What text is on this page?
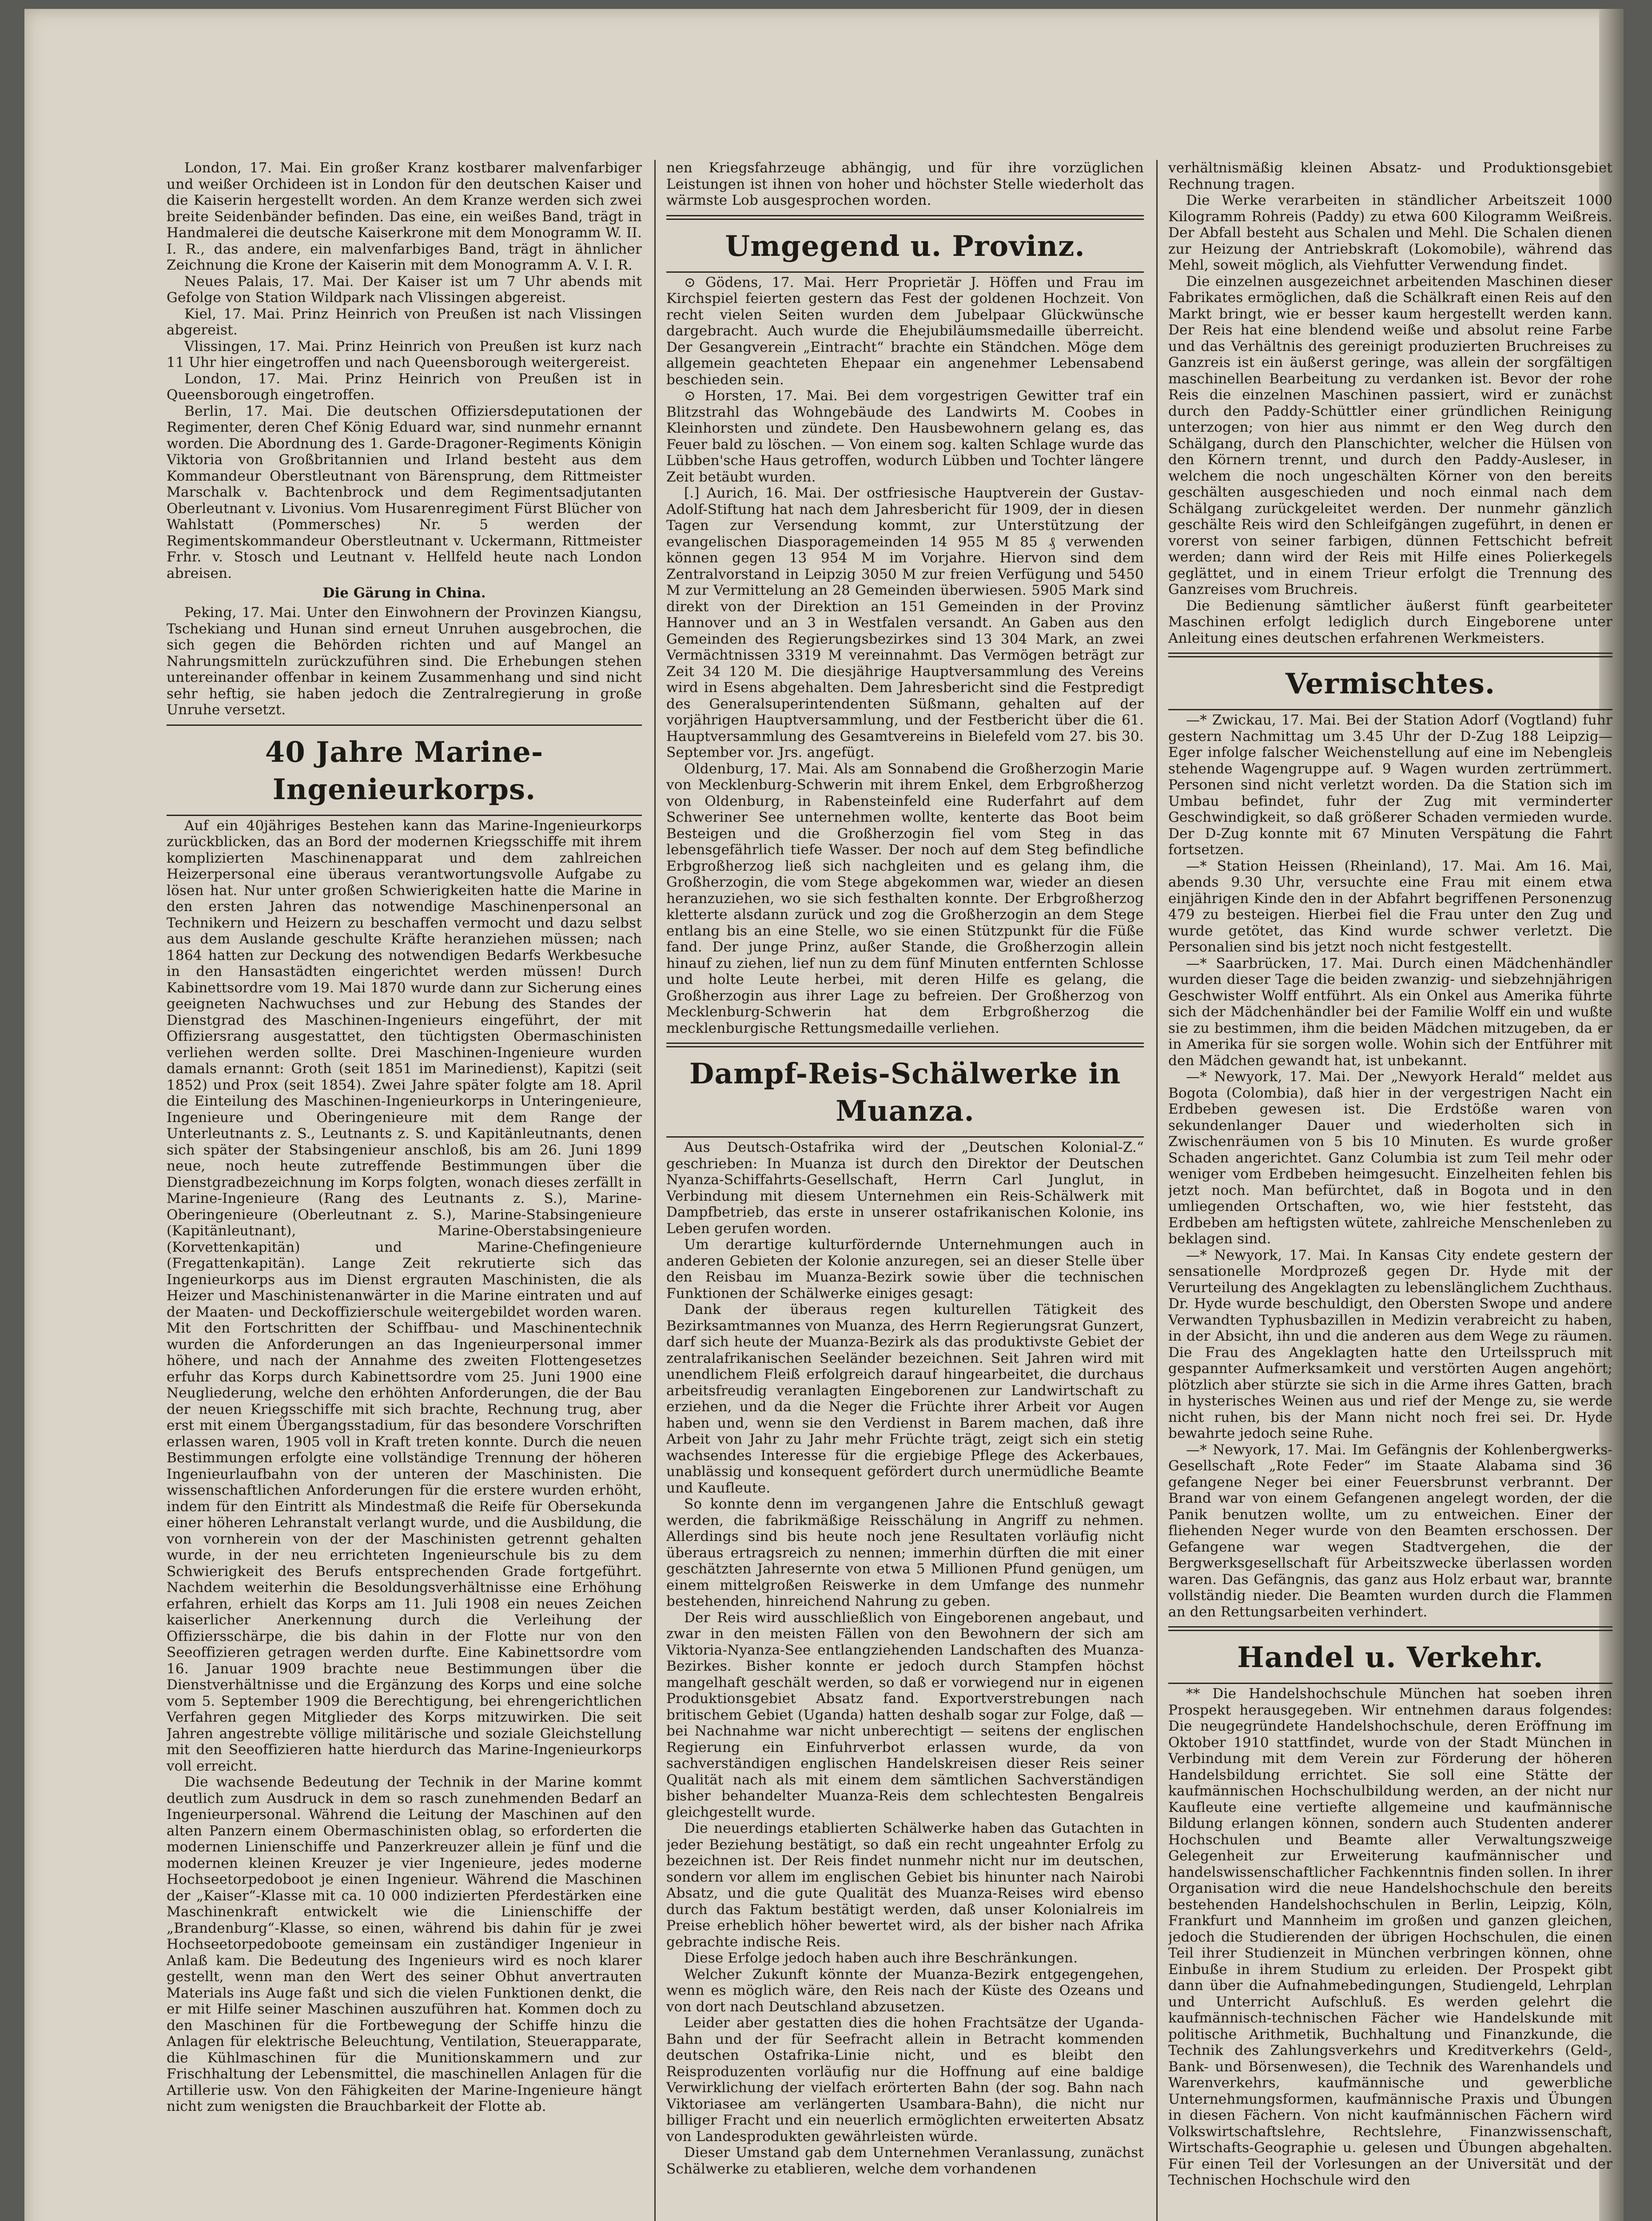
London, 17. Mai. Ein großer Kranz kostbarer malvenfarbiger und weißer Orchideen ist in London für den deutschen Kaiser und die Kaiserin hergestellt worden. An dem Kranze werden sich zwei breite Seidenbänder befinden. Das eine, ein weißes Band, trägt in Handmalerei die deutsche Kaiserkrone mit dem Monogramm W. II. I. R., das andere, ein malvenfarbiges Band, trägt in ähnlicher Zeichnung die Krone der Kaiserin mit dem Monogramm A. V. I. R.

Neues Palais, 17. Mai. Der Kaiser ist um 7 Uhr abends mit Gefolge von Station Wildpark nach Vlissingen abgereist.

Kiel, 17. Mai. Prinz Heinrich von Preußen ist nach Vlissingen abgereist.

Vlissingen, 17. Mai. Prinz Heinrich von Preußen ist kurz nach 11 Uhr hier eingetroffen und nach Queensborough weitergereist.

London, 17. Mai. Prinz Heinrich von Preußen ist in Queensborough eingetroffen.

Berlin, 17. Mai. Die deutschen Offiziersdeputationen der Regimenter, deren Chef König Eduard war, sind nunmehr ernannt worden. Die Abordnung des 1. Garde-Dragoner-Regiments Königin Viktoria von Großbritannien und Irland besteht aus dem Kommandeur Oberstleutnant von Bärensprung, dem Rittmeister Marschalk v. Bachtenbrock und dem Regimentsadjutanten Oberleutnant v. Livonius. Vom Husarenregiment Fürst Blücher von Wahlstatt (Pommersches) Nr. 5 werden der Regimentskommandeur Oberstleutnant v. Uckermann, Rittmeister Frhr. v. Stosch und Leutnant v. Hellfeld heute nach London abreisen.

Die Gärung in China.

Peking, 17. Mai. Unter den Einwohnern der Provinzen Kiangsu, Tschekiang und Hunan sind erneut Unruhen ausgebrochen, die sich gegen die Behörden richten und auf Mangel an Nahrungsmitteln zurückzuführen sind. Die Erhebungen stehen untereinander offenbar in keinem Zusammenhang und sind nicht sehr heftig, sie haben jedoch die Zentralregierung in große Unruhe versetzt.

40 Jahre Marine-Ingenieurkorps.

Auf ein 40jähriges Bestehen kann das Marine-Ingenieurkorps zurückblicken, das an Bord der modernen Kriegsschiffe mit ihrem komplizierten Maschinenapparat und dem zahlreichen Heizerpersonal eine überaus verantwortungsvolle Aufgabe zu lösen hat. Nur unter großen Schwierigkeiten hatte die Marine in den ersten Jahren das notwendige Maschinenpersonal an Technikern und Heizern zu beschaffen vermocht und dazu selbst aus dem Auslande geschulte Kräfte heranziehen müssen; nach 1864 hatten zur Deckung des notwendigen Bedarfs Werkbesuche in den Hansastädten eingerichtet werden müssen! Durch Kabinettsordre vom 19. Mai 1870 wurde dann zur Sicherung eines geeigneten Nachwuchses und zur Hebung des Standes der Dienstgrad des Maschinen-Ingenieurs eingeführt, der mit Offiziersrang ausgestattet, den tüchtigsten Obermaschinisten verliehen werden sollte. Drei Maschinen-Ingenieure wurden damals ernannt: Groth (seit 1851 im Marinedienst), Kapitzi (seit 1852) und Prox (seit 1854). Zwei Jahre später folgte am 18. April die Einteilung des Maschinen-Ingenieurkorps in Unteringenieure, Ingenieure und Oberingenieure mit dem Range der Unterleutnants z. S., Leutnants z. S. und Kapitänleutnants, denen sich später der Stabsingenieur anschloß, bis am 26. Juni 1899 neue, noch heute zutreffende Bestimmungen über die Dienstgradbezeichnung im Korps folgten, wonach dieses zerfällt in Marine-Ingenieure (Rang des Leutnants z. S.), Marine-Oberingenieure (Oberleutnant z. S.), Marine-Stabsingenieure (Kapitänleutnant), Marine-Oberstabsingenieure (Korvettenkapitän) und Marine-Chefingenieure (Fregattenkapitän). Lange Zeit rekrutierte sich das Ingenieurkorps aus im Dienst ergrauten Maschinisten, die als Heizer und Maschinistenanwärter in die Marine eintraten und auf der Maaten- und Deckoffizierschule weitergebildet worden waren. Mit den Fortschritten der Schiffbau- und Maschinentechnik wurden die Anforderungen an das Ingenieurpersonal immer höhere, und nach der Annahme des zweiten Flottengesetzes erfuhr das Korps durch Kabinettsordre vom 25. Juni 1900 eine Neugliederung, welche den erhöhten Anforderungen, die der Bau der neuen Kriegsschiffe mit sich brachte, Rechnung trug, aber erst mit einem Übergangsstadium, für das besondere Vorschriften erlassen waren, 1905 voll in Kraft treten konnte. Durch die neuen Bestimmungen erfolgte eine vollständige Trennung der höheren Ingenieurlaufbahn von der unteren der Maschinisten. Die wissenschaftlichen Anforderungen für die erstere wurden erhöht, indem für den Eintritt als Mindestmaß die Reife für Obersekunda einer höheren Lehranstalt verlangt wurde, und die Ausbildung, die von vornherein von der der Maschinisten getrennt gehalten wurde, in der neu errichteten Ingenieurschule bis zu dem Schwierigkeit des Berufs entsprechenden Grade fortgeführt. Nachdem weiterhin die Besoldungsverhältnisse eine Erhöhung erfahren, erhielt das Korps am 11. Juli 1908 ein neues Zeichen kaiserlicher Anerkennung durch die Verleihung der Offiziersschärpe, die bis dahin in der Flotte nur von den Seeoffizieren getragen werden durfte. Eine Kabinettsordre vom 16. Januar 1909 brachte neue Bestimmungen über die Dienstverhältnisse und die Ergänzung des Korps und eine solche vom 5. September 1909 die Berechtigung, bei ehrengerichtlichen Verfahren gegen Mitglieder des Korps mitzuwirken. Die seit Jahren angestrebte völlige militärische und soziale Gleichstellung mit den Seeoffizieren hatte hierdurch das Marine-Ingenieurkorps voll erreicht.

Die wachsende Bedeutung der Technik in der Marine kommt deutlich zum Ausdruck in dem so rasch zunehmenden Bedarf an Ingenieurpersonal. Während die Leitung der Maschinen auf den alten Panzern einem Obermaschinisten oblag, so erforderten die modernen Linienschiffe und Panzerkreuzer allein je fünf und die modernen kleinen Kreuzer je vier Ingenieure, jedes moderne Hochseetorpedoboot je einen Ingenieur. Während die Maschinen der „Kaiser“-Klasse mit ca. 10 000 indizierten Pferdestärken eine Maschinenkraft entwickelt wie die Linienschiffe der „Brandenburg“-Klasse, so einen, während bis dahin für je zwei Hochseetorpedoboote gemeinsam ein zuständiger Ingenieur in Anlaß kam. Die Bedeutung des Ingenieurs wird es noch klarer gestellt, wenn man den Wert des seiner Obhut anvertrauten Materials ins Auge faßt und sich die vielen Funktionen denkt, die er mit Hilfe seiner Maschinen auszuführen hat. Kommen doch zu den Maschinen für die Fortbewegung der Schiffe hinzu die Anlagen für elektrische Beleuchtung, Ventilation, Steuerapparate, die Kühlmaschinen für die Munitionskammern und zur Frischhaltung der Lebensmittel, die maschinellen Anlagen für die Artillerie usw. Von den Fähigkeiten der Marine-Ingenieure hängt nicht zum wenigsten die Brauchbarkeit der Flotte ab.

nen Kriegsfahrzeuge abhängig, und für ihre vorzüglichen Leistungen ist ihnen von hoher und höchster Stelle wiederholt das wärmste Lob ausgesprochen worden.

Umgegend u. Provinz.

⊙ Gödens, 17. Mai. Herr Proprietär J. Höffen und Frau im Kirchspiel feierten gestern das Fest der goldenen Hochzeit. Von recht vielen Seiten wurden dem Jubelpaar Glückwünsche dargebracht. Auch wurde die Ehejubiläumsmedaille überreicht. Der Gesangverein „Eintracht“ brachte ein Ständchen. Möge dem allgemein geachteten Ehepaar ein angenehmer Lebensabend beschieden sein.

⊙ Horsten, 17. Mai. Bei dem vorgestrigen Gewitter traf ein Blitzstrahl das Wohngebäude des Landwirts M. Coobes in Kleinhorsten und zündete. Den Hausbewohnern gelang es, das Feuer bald zu löschen. — Von einem sog. kalten Schlage wurde das Lübben'sche Haus getroffen, wodurch Lübben und Tochter längere Zeit betäubt wurden.

[.] Aurich, 16. Mai. Der ostfriesische Hauptverein der Gustav-Adolf-Stiftung hat nach dem Jahresbericht für 1909, der in diesen Tagen zur Versendung kommt, zur Unterstützung der evangelischen Diasporagemeinden 14 955 M 85 ₰ verwenden können gegen 13 954 M im Vorjahre. Hiervon sind dem Zentralvorstand in Leipzig 3050 M zur freien Verfügung und 5450 M zur Vermittelung an 28 Gemeinden überwiesen. 5905 Mark sind direkt von der Direktion an 151 Gemeinden in der Provinz Hannover und an 3 in Westfalen versandt. An Gaben aus den Gemeinden des Regierungsbezirkes sind 13 304 Mark, an zwei Vermächtnissen 3319 M vereinnahmt. Das Vermögen beträgt zur Zeit 34 120 M. Die diesjährige Hauptversammlung des Vereins wird in Esens abgehalten. Dem Jahresbericht sind die Festpredigt des Generalsuperintendenten Süßmann, gehalten auf der vorjährigen Hauptversammlung, und der Festbericht über die 61. Hauptversammlung des Gesamtvereins in Bielefeld vom 27. bis 30. September vor. Jrs. angefügt.

Oldenburg, 17. Mai. Als am Sonnabend die Großherzogin Marie von Mecklenburg-Schwerin mit ihrem Enkel, dem Erbgroßherzog von Oldenburg, in Rabensteinfeld eine Ruderfahrt auf dem Schweriner See unternehmen wollte, kenterte das Boot beim Besteigen und die Großherzogin fiel vom Steg in das lebensgefährlich tiefe Wasser. Der noch auf dem Steg befindliche Erbgroßherzog ließ sich nachgleiten und es gelang ihm, die Großherzogin, die vom Stege abgekommen war, wieder an diesen heranzuziehen, wo sie sich festhalten konnte. Der Erbgroßherzog kletterte alsdann zurück und zog die Großherzogin an dem Stege entlang bis an eine Stelle, wo sie einen Stützpunkt für die Füße fand. Der junge Prinz, außer Stande, die Großherzogin allein hinauf zu ziehen, lief nun zu dem fünf Minuten entfernten Schlosse und holte Leute herbei, mit deren Hilfe es gelang, die Großherzogin aus ihrer Lage zu befreien. Der Großherzog von Mecklenburg-Schwerin hat dem Erbgroßherzog die mecklenburgische Rettungsmedaille verliehen.

Dampf-Reis-Schälwerke in Muanza.

Aus Deutsch-Ostafrika wird der „Deutschen Kolonial-Z.“ geschrieben: In Muanza ist durch den Direktor der Deutschen Nyanza-Schiffahrts-Gesellschaft, Herrn Carl Junglut, in Verbindung mit diesem Unternehmen ein Reis-Schälwerk mit Dampfbetrieb, das erste in unserer ostafrikanischen Kolonie, ins Leben gerufen worden.

Um derartige kulturfördernde Unternehmungen auch in anderen Gebieten der Kolonie anzuregen, sei an dieser Stelle über den Reisbau im Muanza-Bezirk sowie über die technischen Funktionen der Schälwerke einiges gesagt:

Dank der überaus regen kulturellen Tätigkeit des Bezirksamtmannes von Muanza, des Herrn Regierungsrat Gunzert, darf sich heute der Muanza-Bezirk als das produktivste Gebiet der zentralafrikanischen Seeländer bezeichnen. Seit Jahren wird mit unendlichem Fleiß erfolgreich darauf hingearbeitet, die durchaus arbeitsfreudig veranlagten Eingeborenen zur Landwirtschaft zu erziehen, und da die Neger die Früchte ihrer Arbeit vor Augen haben und, wenn sie den Verdienst in Barem machen, daß ihre Arbeit von Jahr zu Jahr mehr Früchte trägt, zeigt sich ein stetig wachsendes Interesse für die ergiebige Pflege des Ackerbaues, unablässig und konsequent gefördert durch unermüdliche Beamte und Kaufleute.

So konnte denn im vergangenen Jahre die Entschluß gewagt werden, die fabrikmäßige Reisschälung in Angriff zu nehmen. Allerdings sind bis heute noch jene Resultaten vorläufig nicht überaus ertragsreich zu nennen; immerhin dürften die mit einer geschätzten Jahresernte von etwa 5 Millionen Pfund genügen, um einem mittelgroßen Reiswerke in dem Umfange des nunmehr bestehenden, hinreichend Nahrung zu geben.

Der Reis wird ausschließlich von Eingeborenen angebaut, und zwar in den meisten Fällen von den Bewohnern der sich am Viktoria-Nyanza-See entlangziehenden Landschaften des Muanza-Bezirkes. Bisher konnte er jedoch durch Stampfen höchst mangelhaft geschält werden, so daß er vorwiegend nur in eigenen Produktionsgebiet Absatz fand. Exportverstrebungen nach britischem Gebiet (Uganda) hatten deshalb sogar zur Folge, daß — bei Nachnahme war nicht unberechtigt — seitens der englischen Regierung ein Einfuhrverbot erlassen wurde, da von sachverständigen englischen Handelskreisen dieser Reis seiner Qualität nach als mit einem dem sämtlichen Sachverständigen bisher behandelter Muanza-Reis dem schlechtesten Bengalreis gleichgestellt wurde.

Die neuerdings etablierten Schälwerke haben das Gutachten in jeder Beziehung bestätigt, so daß ein recht ungeahnter Erfolg zu bezeichnen ist. Der Reis findet nunmehr nicht nur im deutschen, sondern vor allem im englischen Gebiet bis hinunter nach Nairobi Absatz, und die gute Qualität des Muanza-Reises wird ebenso durch das Faktum bestätigt werden, daß unser Kolonialreis im Preise erheblich höher bewertet wird, als der bisher nach Afrika gebrachte indische Reis.

Diese Erfolge jedoch haben auch ihre Beschränkungen.

Welcher Zukunft könnte der Muanza-Bezirk entgegengehen, wenn es möglich wäre, den Reis nach der Küste des Ozeans und von dort nach Deutschland abzusetzen.

Leider aber gestatten dies die hohen Frachtsätze der Uganda-Bahn und der für Seefracht allein in Betracht kommenden deutschen Ostafrika-Linie nicht, und es bleibt den Reisproduzenten vorläufig nur die Hoffnung auf eine baldige Verwirklichung der vielfach erörterten Bahn (der sog. Bahn nach Viktoriasee am verlängerten Usambara-Bahn), die nicht nur billiger Fracht und ein neuerlich ermöglichten erweiterten Absatz von Landesprodukten gewährleisten würde.

Dieser Umstand gab dem Unternehmen Veranlassung, zunächst Schälwerke zu etablieren, welche dem vorhandenen

verhältnismäßig kleinen Absatz- und Produktionsgebiet Rechnung tragen.

Die Werke verarbeiten in ständlicher Arbeitszeit 1000 Kilogramm Rohreis (Paddy) zu etwa 600 Kilogramm Weißreis. Der Abfall besteht aus Schalen und Mehl. Die Schalen dienen zur Heizung der Antriebskraft (Lokomobile), während das Mehl, soweit möglich, als Viehfutter Verwendung findet.

Die einzelnen ausgezeichnet arbeitenden Maschinen dieser Fabrikates ermöglichen, daß die Schälkraft einen Reis auf den Markt bringt, wie er besser kaum hergestellt werden kann. Der Reis hat eine blendend weiße und absolut reine Farbe und das Verhältnis des gereinigt produzierten Bruchreises zu Ganzreis ist ein äußerst geringe, was allein der sorgfältigen maschinellen Bearbeitung zu verdanken ist. Bevor der rohe Reis die einzelnen Maschinen passiert, wird er zunächst durch den Paddy-Schüttler einer gründlichen Reinigung unterzogen; von hier aus nimmt er den Weg durch den Schälgang, durch den Planschichter, welcher die Hülsen von den Körnern trennt, und durch den Paddy-Ausleser, in welchem die noch ungeschälten Körner von den bereits geschälten ausgeschieden und noch einmal nach dem Schälgang zurückgeleitet werden. Der nunmehr gänzlich geschälte Reis wird den Schleifgängen zugeführt, in denen er vorerst von seiner farbigen, dünnen Fettschicht befreit werden; dann wird der Reis mit Hilfe eines Polierkegels geglättet, und in einem Trieur erfolgt die Trennung des Ganzreises vom Bruchreis.

Die Bedienung sämtlicher äußerst fünft gearbeiteter Maschinen erfolgt lediglich durch Eingeborene unter Anleitung eines deutschen erfahrenen Werkmeisters.

Vermischtes.

—* Zwickau, 17. Mai. Bei der Station Adorf (Vogtland) fuhr gestern Nachmittag um 3.45 Uhr der D-Zug 188 Leipzig—Eger infolge falscher Weichenstellung auf eine im Nebengleis stehende Wagengruppe auf. 9 Wagen wurden zertrümmert. Personen sind nicht verletzt worden. Da die Station sich im Umbau befindet, fuhr der Zug mit verminderter Geschwindigkeit, so daß größerer Schaden vermieden wurde. Der D-Zug konnte mit 67 Minuten Verspätung die Fahrt fortsetzen.

—* Station Heissen (Rheinland), 17. Mai. Am 16. Mai, abends 9.30 Uhr, versuchte eine Frau mit einem etwa einjährigen Kinde den in der Abfahrt begriffenen Personenzug 479 zu besteigen. Hierbei fiel die Frau unter den Zug und wurde getötet, das Kind wurde schwer verletzt. Die Personalien sind bis jetzt noch nicht festgestellt.

—* Saarbrücken, 17. Mai. Durch einen Mädchenhändler wurden dieser Tage die beiden zwanzig- und siebzehnjährigen Geschwister Wolff entführt. Als ein Onkel aus Amerika führte sich der Mädchenhändler bei der Familie Wolff ein und wußte sie zu bestimmen, ihm die beiden Mädchen mitzugeben, da er in Amerika für sie sorgen wolle. Wohin sich der Entführer mit den Mädchen gewandt hat, ist unbekannt.

—* Newyork, 17. Mai. Der „Newyork Herald“ meldet aus Bogota (Colombia), daß hier in der vergestrigen Nacht ein Erdbeben gewesen ist. Die Erdstöße waren von sekundenlanger Dauer und wiederholten sich in Zwischenräumen von 5 bis 10 Minuten. Es wurde großer Schaden angerichtet. Ganz Columbia ist zum Teil mehr oder weniger vom Erdbeben heimgesucht. Einzelheiten fehlen bis jetzt noch. Man befürchtet, daß in Bogota und in den umliegenden Ortschaften, wo, wie hier feststeht, das Erdbeben am heftigsten wütete, zahlreiche Menschenleben zu beklagen sind.

—* Newyork, 17. Mai. In Kansas City endete gestern der sensationelle Mordprozeß gegen Dr. Hyde mit der Verurteilung des Angeklagten zu lebenslänglichem Zuchthaus. Dr. Hyde wurde beschuldigt, den Obersten Swope und andere Verwandten Typhusbazillen in Medizin verabreicht zu haben, in der Absicht, ihn und die anderen aus dem Wege zu räumen. Die Frau des Angeklagten hatte den Urteilsspruch mit gespannter Aufmerksamkeit und verstörten Augen angehört; plötzlich aber stürzte sie sich in die Arme ihres Gatten, brach in hysterisches Weinen aus und rief der Menge zu, sie werde nicht ruhen, bis der Mann nicht noch frei sei. Dr. Hyde bewahrte jedoch seine Ruhe.

—* Newyork, 17. Mai. Im Gefängnis der Kohlenbergwerks-Gesellschaft „Rote Feder“ im Staate Alabama sind 36 gefangene Neger bei einer Feuersbrunst verbrannt. Der Brand war von einem Gefangenen angelegt worden, der die Panik benutzen wollte, um zu entweichen. Einer der fliehenden Neger wurde von den Beamten erschossen. Der Gefangene war wegen Stadtvergehen, die der Bergwerksgesellschaft für Arbeitszwecke überlassen worden waren. Das Gefängnis, das ganz aus Holz erbaut war, brannte vollständig nieder. Die Beamten wurden durch die Flammen an den Rettungsarbeiten verhindert.

Handel u. Verkehr.

** Die Handelshochschule München hat soeben ihren Prospekt herausgegeben. Wir entnehmen daraus folgendes: Die neugegründete Handelshochschule, deren Eröffnung im Oktober 1910 stattfindet, wurde von der Stadt München in Verbindung mit dem Verein zur Förderung der höheren Handelsbildung errichtet. Sie soll eine Stätte der kaufmännischen Hochschulbildung werden, an der nicht nur Kaufleute eine vertiefte allgemeine und kaufmännische Bildung erlangen können, sondern auch Studenten anderer Hochschulen und Beamte aller Verwaltungszweige Gelegenheit zur Erweiterung kaufmännischer und handelswissenschaftlicher Fachkenntnis finden sollen. In ihrer Organisation wird die neue Handelshochschule den bereits bestehenden Handelshochschulen in Berlin, Leipzig, Köln, Frankfurt und Mannheim im großen und ganzen gleichen, jedoch die Studierenden der übrigen Hochschulen, die einen Teil ihrer Studienzeit in München verbringen können, ohne Einbuße in ihrem Studium zu erleiden. Der Prospekt gibt dann über die Aufnahmebedingungen, Studiengeld, Lehrplan und Unterricht Aufschluß. Es werden gelehrt die kaufmännisch-technischen Fächer wie Handelskunde mit politische Arithmetik, Buchhaltung und Finanzkunde, die Technik des Zahlungsverkehrs und Kreditverkehrs (Geld-, Bank- und Börsenwesen), die Technik des Warenhandels und Warenverkehrs, kaufmännische und gewerbliche Unternehmungsformen, kaufmännische Praxis und Übungen in diesen Fächern. Von nicht kaufmännischen Fächern wird Volkswirtschaftslehre, Rechtslehre, Finanzwissenschaft, Wirtschafts-Geographie u. gelesen und Übungen abgehalten. Für einen Teil der Vorlesungen an der Universität und der Technischen Hochschule wird den
